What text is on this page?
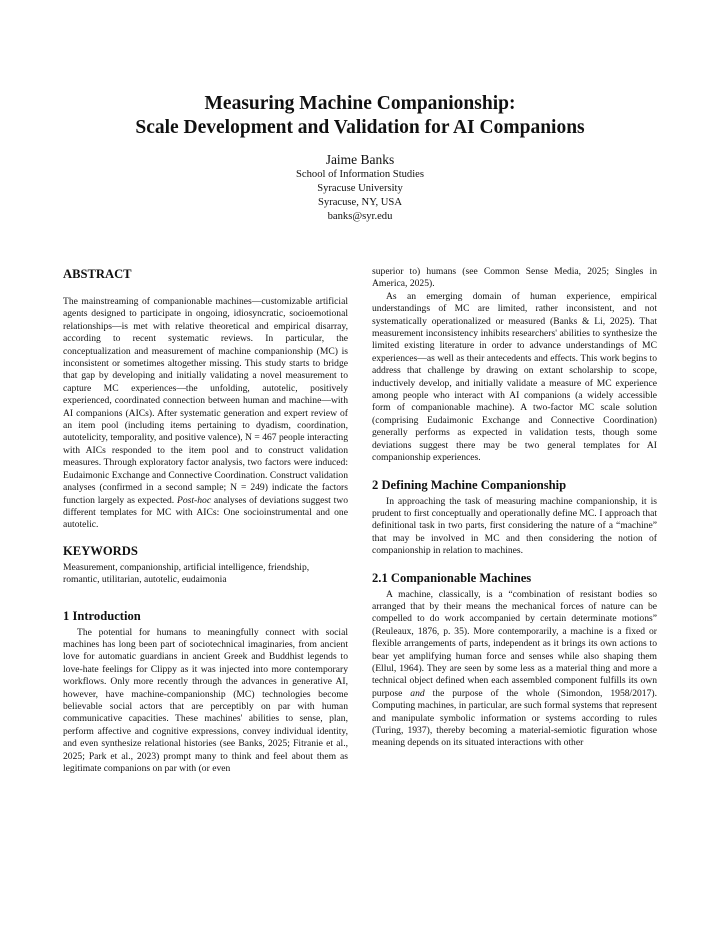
Measuring Machine Companionship:
Scale Development and Validation for AI Companions
Jaime Banks
School of Information Studies
Syracuse University
Syracuse, NY, USA
banks@syr.edu
ABSTRACT

The mainstreaming of companionable machines—customizable artificial agents designed to participate in ongoing, idiosyncratic, socioemotional relationships—is met with relative theoretical and empirical disarray, according to recent systematic reviews. In particular, the conceptualization and measurement of machine companionship (MC) is inconsistent or sometimes altogether missing. This study starts to bridge that gap by developing and initially validating a novel measurement to capture MC experiences—the unfolding, autotelic, positively experienced, coordinated connection between human and machine—with AI companions (AICs). After systematic generation and expert review of an item pool (including items pertaining to dyadism, coordination, autotelicity, temporality, and positive valence), N = 467 people interacting with AICs responded to the item pool and to construct validation measures. Through exploratory factor analysis, two factors were induced: Eudaimonic Exchange and Connective Coordination. Construct validation analyses (confirmed in a second sample; N = 249) indicate the factors function largely as expected. Post-hoc analyses of deviations suggest two different templates for MC with AICs: One socioinstrumental and one autotelic.

KEYWORDS

Measurement, companionship, artificial intelligence, friendship, romantic, utilitarian, autotelic, eudaimonia

1 Introduction

The potential for humans to meaningfully connect with social machines has long been part of sociotechnical imaginaries, from ancient love for automatic guardians in ancient Greek and Buddhist legends to love-hate feelings for Clippy as it was injected into more contemporary workflows. Only more recently through the advances in generative AI, however, have machine-companionship (MC) technologies become believable social actors that are perceptibly on par with human communicative capacities. These machines' abilities to sense, plan, perform affective and cognitive expressions, convey individual identity, and even synthesize relational histories (see Banks, 2025; Fitranie et al., 2025; Park et al., 2023) prompt many to think and feel about them as legitimate companions on par with (or even

superior to) humans (see Common Sense Media, 2025; Singles in America, 2025).

As an emerging domain of human experience, empirical understandings of MC are limited, rather inconsistent, and not systematically operationalized or measured (Banks & Li, 2025). That measurement inconsistency inhibits researchers' abilities to synthesize the limited existing literature in order to advance understandings of MC experiences—as well as their antecedents and effects. This work begins to address that challenge by drawing on extant scholarship to scope, inductively develop, and initially validate a measure of MC experience among people who interact with AI companions (a widely accessible form of companionable machine). A two-factor MC scale solution (comprising Eudaimonic Exchange and Connective Coordination) generally performs as expected in validation tests, though some deviations suggest there may be two general templates for AI companionship experiences.

2 Defining Machine Companionship

In approaching the task of measuring machine companionship, it is prudent to first conceptually and operationally define MC. I approach that definitional task in two parts, first considering the nature of a “machine” that may be involved in MC and then considering the notion of companionship in relation to machines.

2.1 Companionable Machines

A machine, classically, is a “combination of resistant bodies so arranged that by their means the mechanical forces of nature can be compelled to do work accompanied by certain determinate motions” (Reuleaux, 1876, p. 35). More contemporarily, a machine is a fixed or flexible arrangements of parts, independent as it brings its own actions to bear yet amplifying human force and senses while also shaping them (Ellul, 1964). They are seen by some less as a material thing and more a technical object defined when each assembled component fulfills its own purpose and the purpose of the whole (Simondon, 1958/2017). Computing machines, in particular, are such formal systems that represent and manipulate symbolic information or systems according to rules (Turing, 1937), thereby becoming a material-semiotic figuration whose meaning depends on its situated interactions with other
